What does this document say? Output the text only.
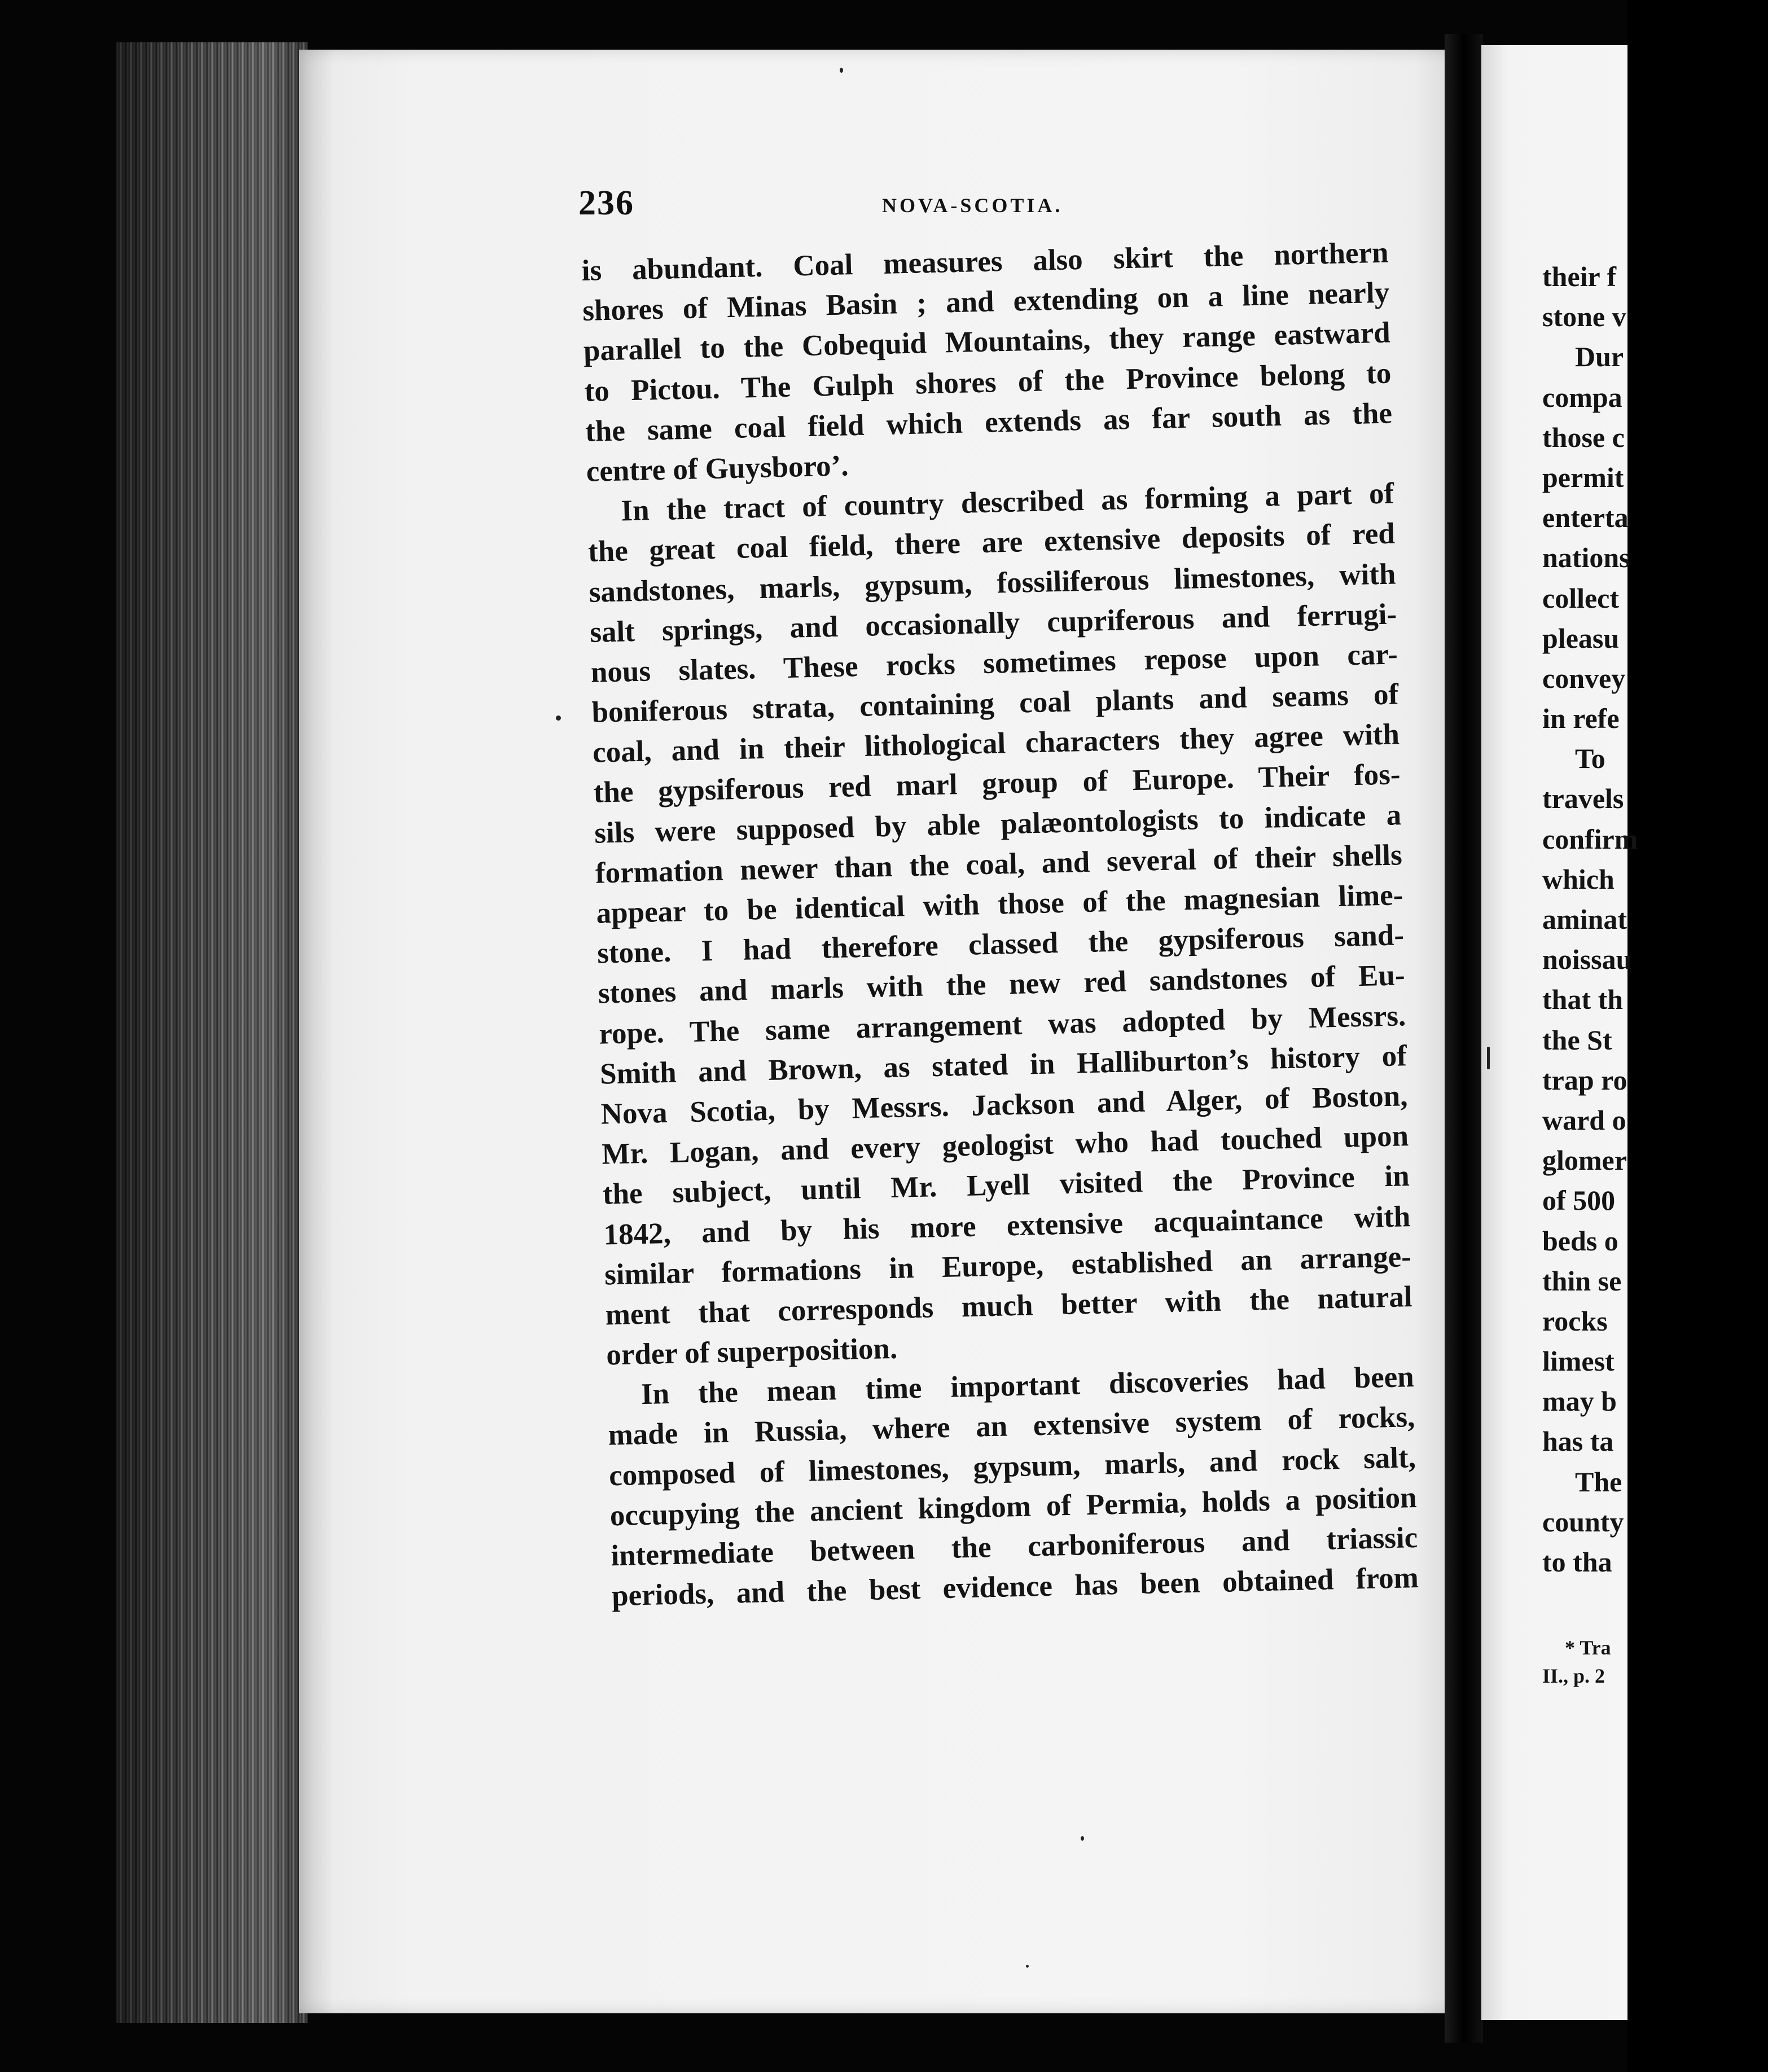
236	NOVA-SCOTIA.
is abundant. Coal measures also skirt the northern
shores of Minas Basin ; and extending on a line nearly
parallel to the Cobequid Mountains, they range eastward
to Pictou. The Gulph shores of the Province belong to
the same coal field which extends as far south as the
centre of Guysboro’.
In the tract of country described as forming a part of
the great coal field, there are extensive deposits of red
sandstones, marls, gypsum, fossiliferous limestones, with
salt springs, and occasionally cupriferous and ferrugi-
nous slates. These rocks sometimes repose upon car-
boniferous strata, containing coal plants and seams of
coal, and in their lithological characters they agree with
the gypsiferous red marl group of Europe. Their fos-
sils were supposed by able palæontologists to indicate a
formation newer than the coal, and several of their shells
appear to be identical with those of the magnesian lime-
stone. I had therefore classed the gypsiferous sand-
stones and marls with the new red sandstones of Eu-
rope. The same arrangement was adopted by Messrs.
Smith and Brown, as stated in Halliburton’s history of
Nova Scotia, by Messrs. Jackson and Alger, of Boston,
Mr. Logan, and every geologist who had touched upon
the subject, until Mr. Lyell visited the Province in
1842, and by his more extensive acquaintance with
similar formations in Europe, established an arrange-
ment that corresponds much better with the natural
order of superposition.
In the mean time important discoveries had been
made in Russia, where an extensive system of rocks,
composed of limestones, gypsum, marls, and rock salt,
occupying the ancient kingdom of Permia, holds a position
intermediate between the carboniferous and triassic
periods, and the best evidence has been obtained from
their f
stone v
Dur
compa
those c
permit
enterta
nations
collect
pleasu
convey
in refe
To
travels
confirm
which
aminat
noissau
that th
the St
trap ro
ward o
glomer
of 500
beds o
thin se
rocks
limest
may b
has ta
The
county
to tha
* Tra
II., p. 2
